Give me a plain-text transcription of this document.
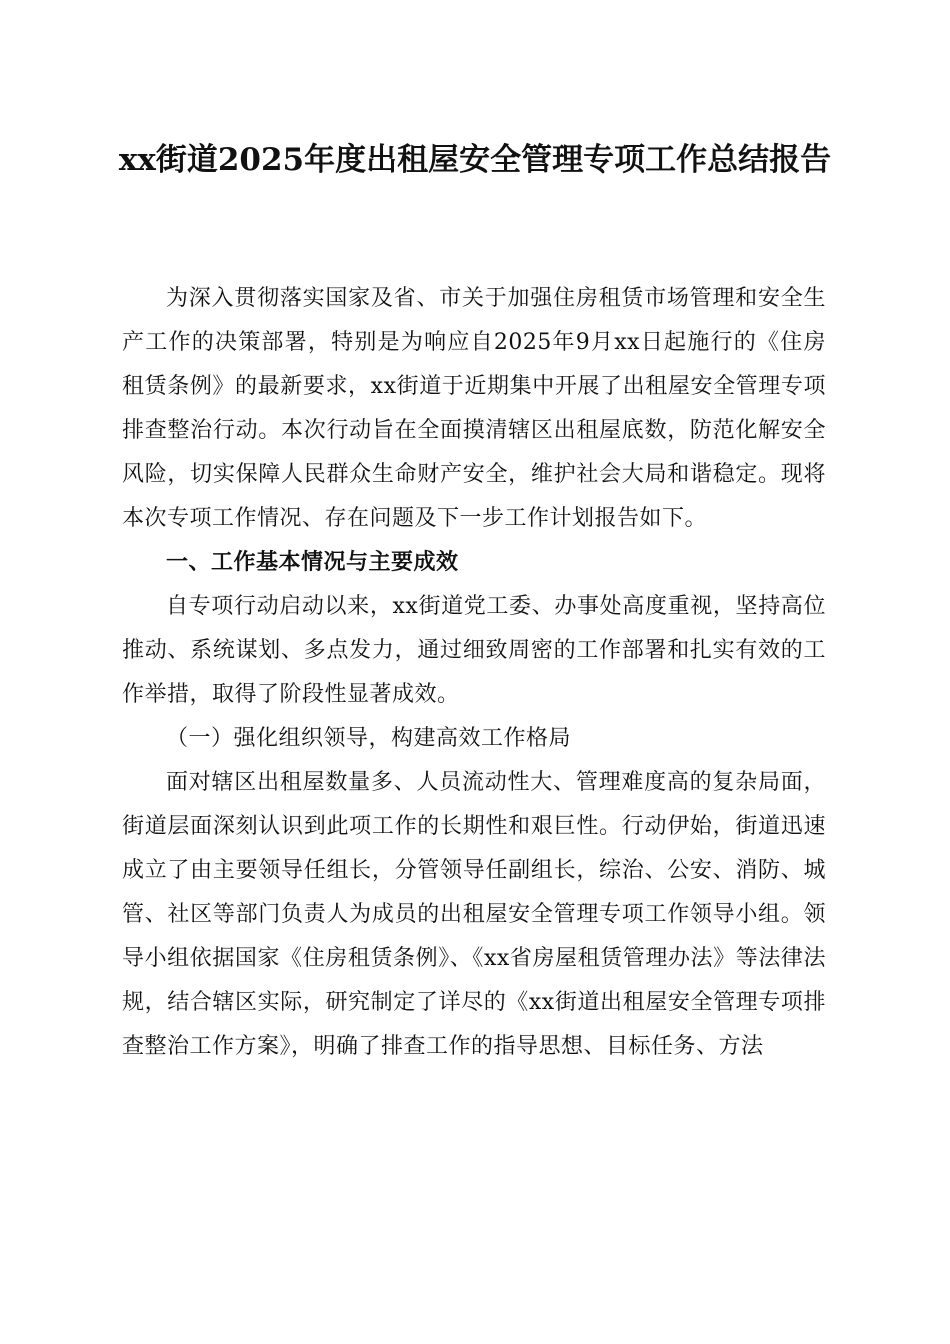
xx街道2025年度出租屋安全管理专项工作总结报告

为深入贯彻落实国家及省、市关于加强住房租赁市场管理和安全生产工作的决策部署，特别是为响应自2025年9月xx日起施行的《住房租赁条例》的最新要求，xx街道于近期集中开展了出租屋安全管理专项排查整治行动。本次行动旨在全面摸清辖区出租屋底数，防范化解安全风险，切实保障人民群众生命财产安全，维护社会大局和谐稳定。现将本次专项工作情况、存在问题及下一步工作计划报告如下。

一、工作基本情况与主要成效

自专项行动启动以来，xx街道党工委、办事处高度重视，坚持高位推动、系统谋划、多点发力，通过细致周密的工作部署和扎实有效的工作举措，取得了阶段性显著成效。

（一）强化组织领导，构建高效工作格局

面对辖区出租屋数量多、人员流动性大、管理难度高的复杂局面，街道层面深刻认识到此项工作的长期性和艰巨性。行动伊始，街道迅速成立了由主要领导任组长，分管领导任副组长，综治、公安、消防、城管、社区等部门负责人为成员的出租屋安全管理专项工作领导小组。领导小组依据国家《住房租赁条例》、《xx省房屋租赁管理办法》等法律法规，结合辖区实际，研究制定了详尽的《xx街道出租屋安全管理专项排查整治工作方案》，明确了排查工作的指导思想、目标任务、方法
